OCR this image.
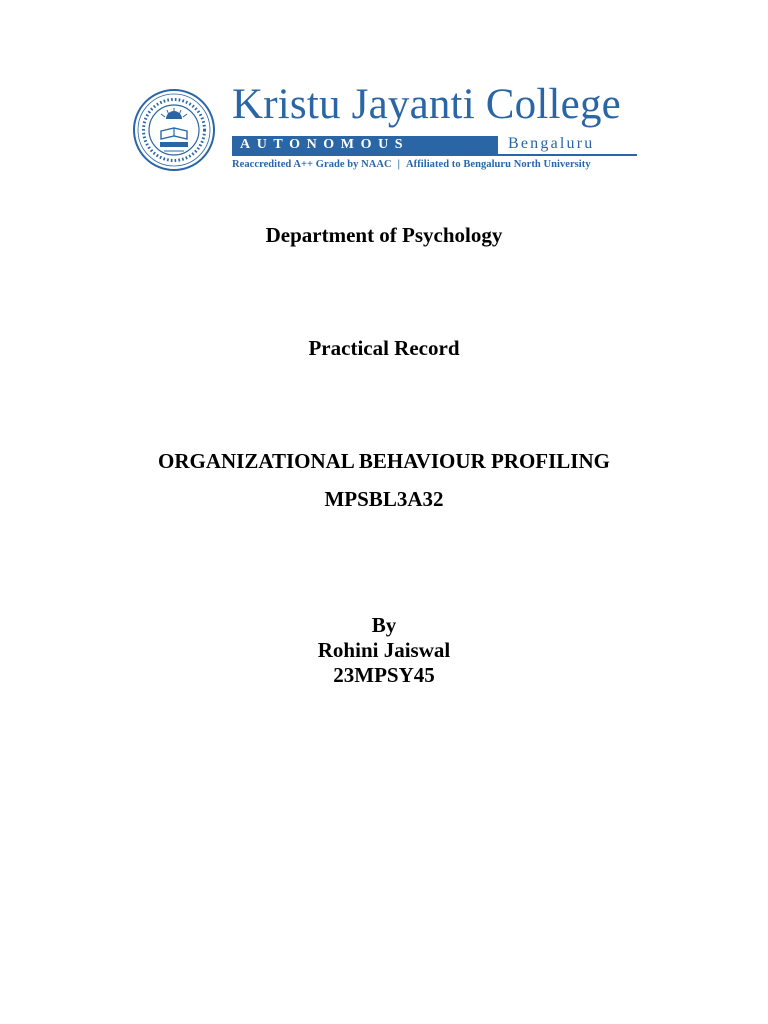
Kristu Jayanti College
AUTONOMOUS	Bengaluru
Reaccredited A++ Grade by NAAC | Affiliated to Bengaluru North University
Department of Psychology
Practical Record
ORGANIZATIONAL BEHAVIOUR PROFILING
MPSBL3A32
By
Rohini Jaiswal
23MPSY45
